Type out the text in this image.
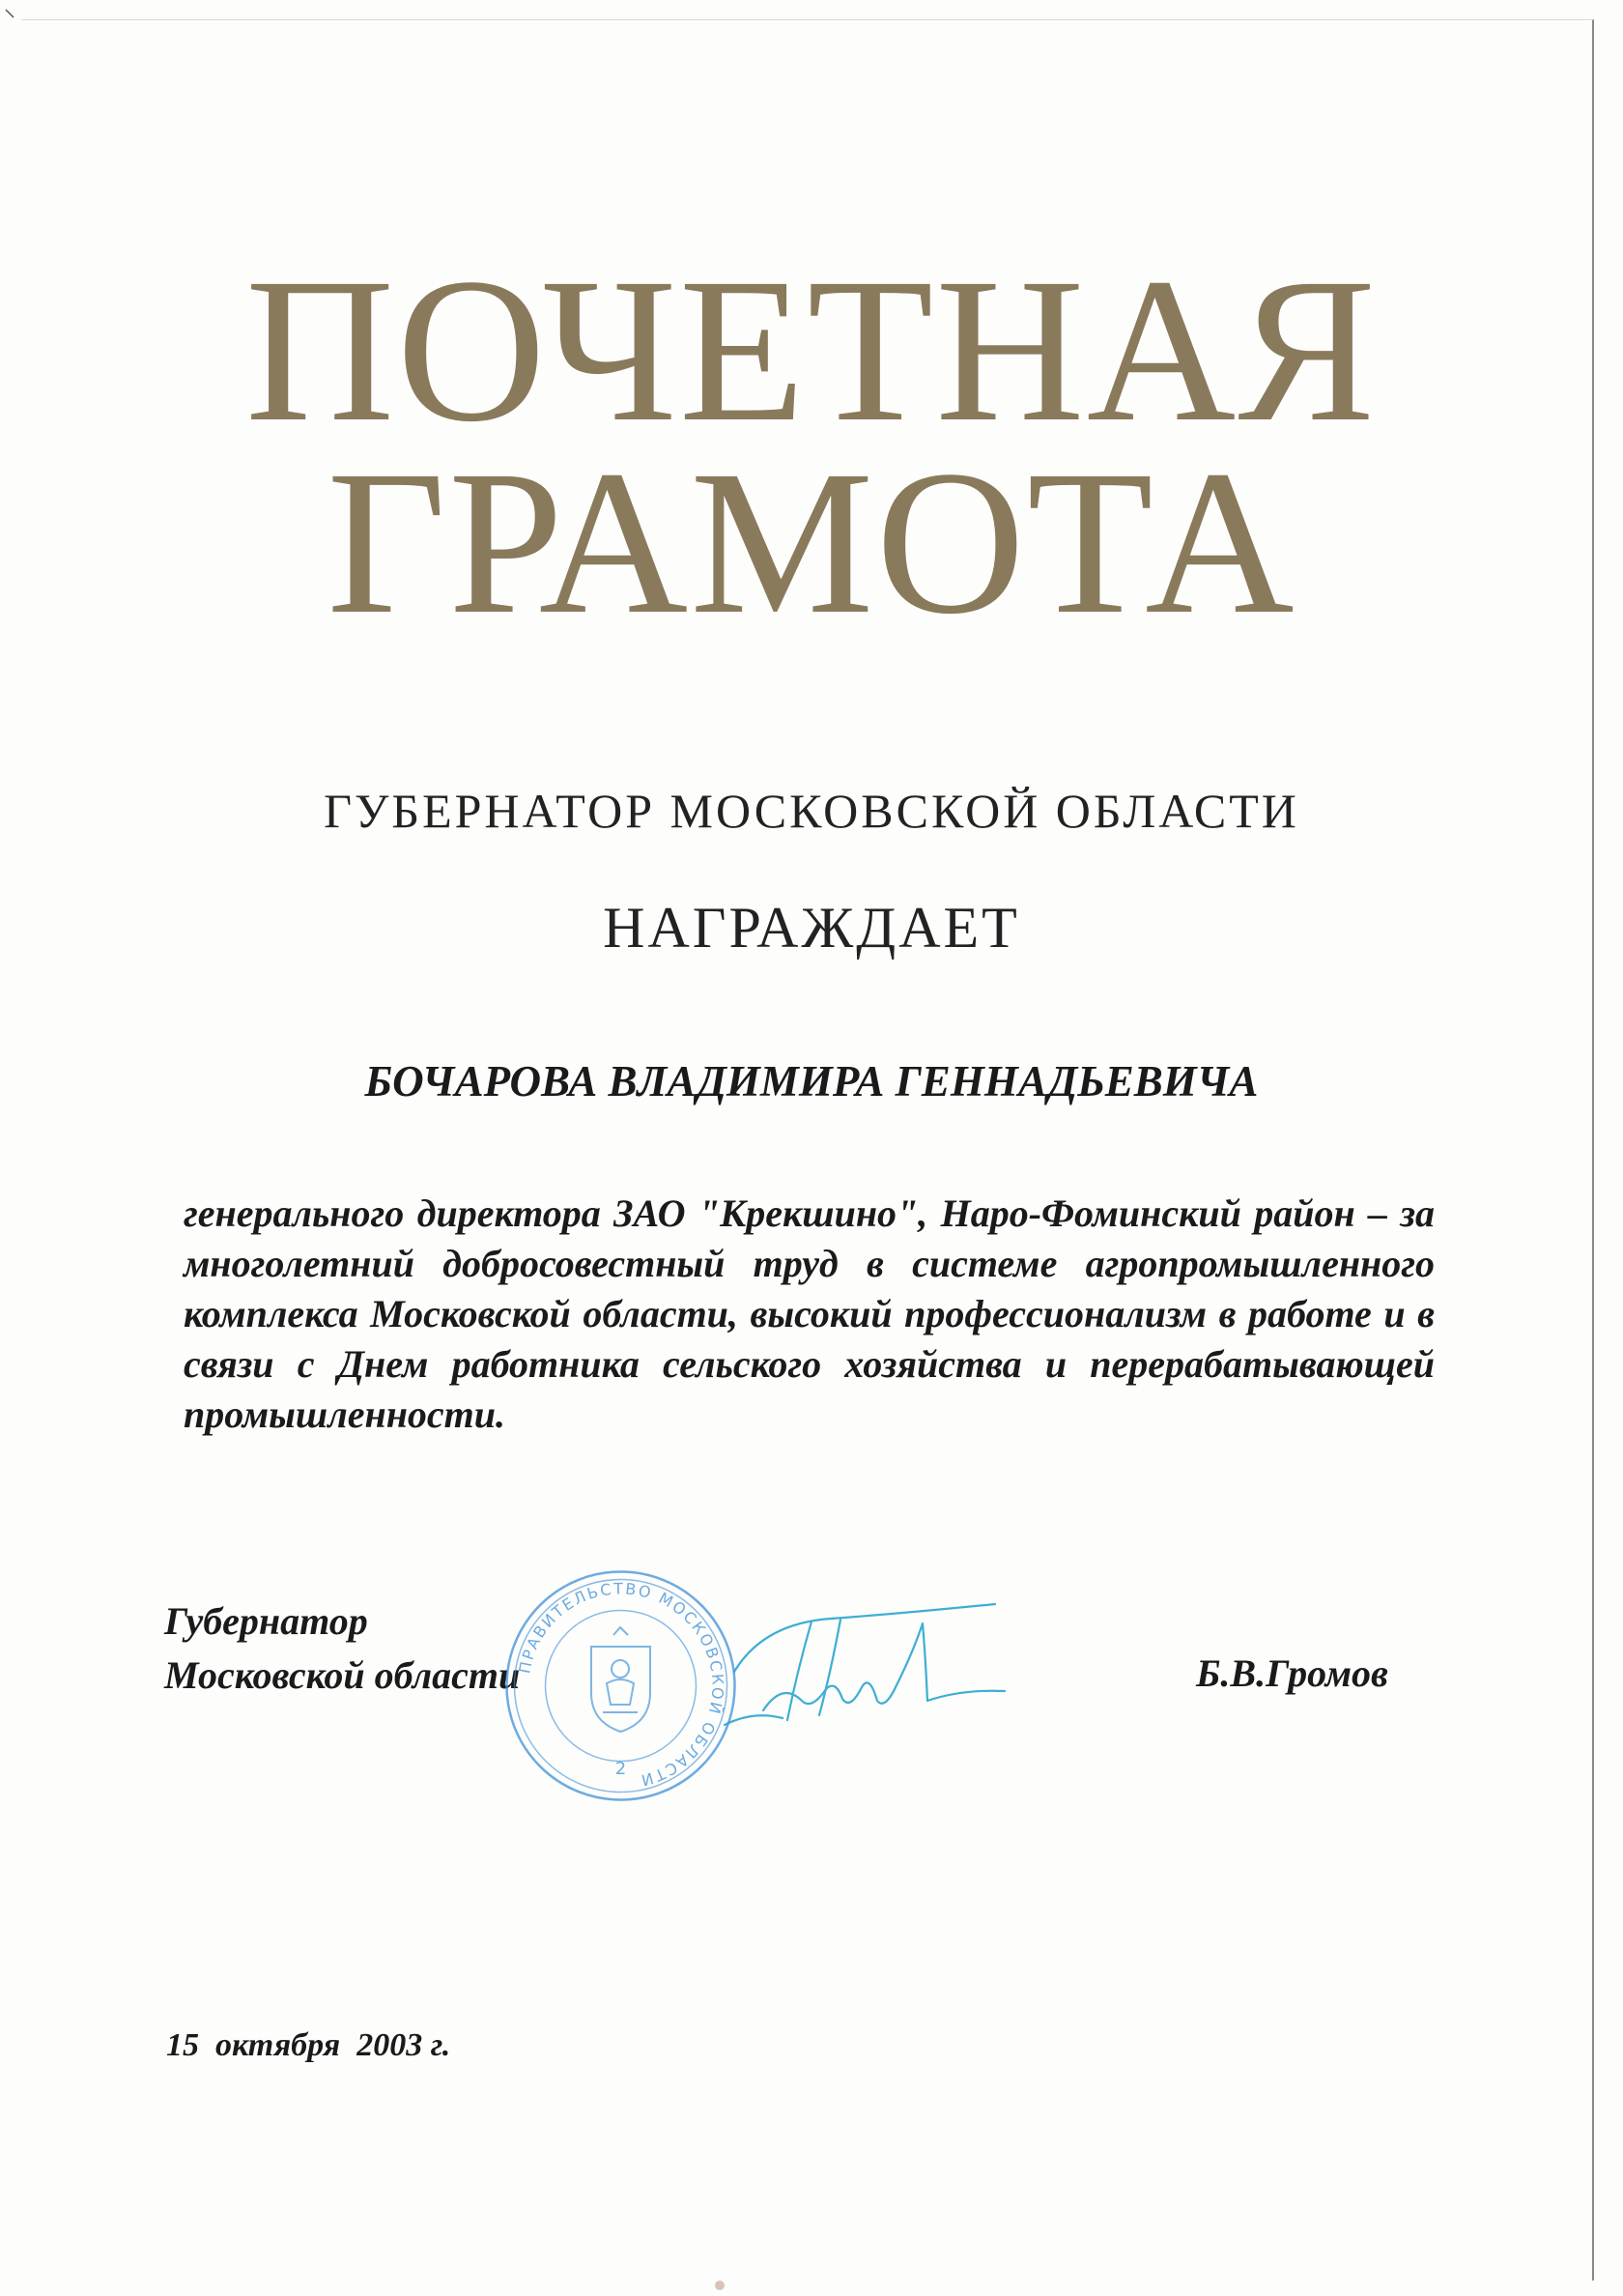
ПОЧЕТНАЯ
ГРАМОТА
ГУБЕРНАТОР МОСКОВСКОЙ ОБЛАСТИ
НАГРАЖДАЕТ
БОЧАРОВА ВЛАДИМИРА ГЕННАДЬЕВИЧА
генерального директора ЗАО "Крекшино", Наро-Фоминский район – за многолетний добросовестный труд в системе агропромышленного комплекса Московской области, высокий профессионализм в работе и в связи с Днем работника сельского хозяйства и перерабатывающей промышленности.
Губернатор
Московской области
ПРАВИТЕЛЬСТВО МОСКОВСКОЙ ОБЛАСТИ
2
Б.В.Громов
15  октября  2003 г.
